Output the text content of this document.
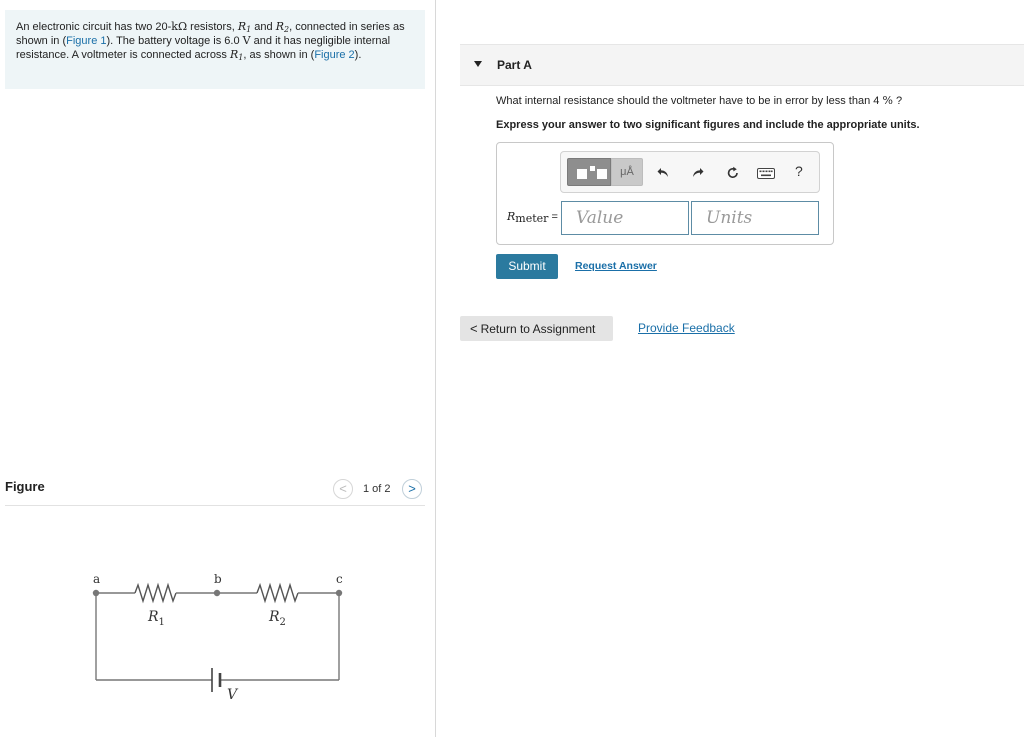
An electronic circuit has two 20-kΩ resistors, $R_1$ and $R_2$, connected in series as shown in (Figure 1). The battery voltage is 6.0 V and it has negligible internal resistance. A voltmeter is connected across $R_1$, as shown in (Figure 2).
Figure	<	1 of 2	>
a	b	c
$R_1$	$R_2$
V
Part A
What internal resistance should the voltmeter have to be in error by less than 4 % ?
Express your answer to two significant figures and include the appropriate units.
μÅ	?
$R_{meter}$ =	Value	Units
Submit	Request Answer
< Return to Assignment	Provide Feedback
